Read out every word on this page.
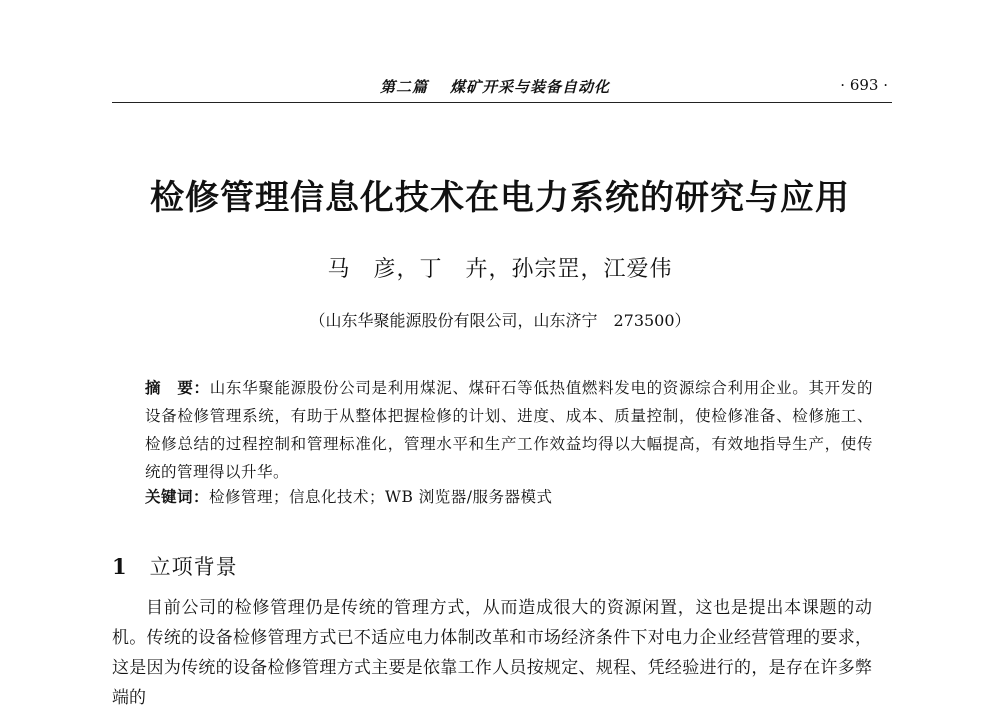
第二篇 煤矿开采与装备自动化	· 693 ·
检修管理信息化技术在电力系统的研究与应用
马　彦，丁　卉，孙宗罡，江爱伟
（山东华聚能源股份有限公司，山东济宁　273500）
摘　要：山东华聚能源股份公司是利用煤泥、煤矸石等低热值燃料发电的资源综合利用企业。其开发的设备检修管理系统，有助于从整体把握检修的计划、进度、成本、质量控制，使检修准备、检修施工、检修总结的过程控制和管理标准化，管理水平和生产工作效益均得以大幅提高，有效地指导生产，使传统的管理得以升华。
关键词：检修管理；信息化技术；WB 浏览器/服务器模式
1 立项背景
目前公司的检修管理仍是传统的管理方式，从而造成很大的资源闲置，这也是提出本课题的动机。传统的设备检修管理方式已不适应电力体制改革和市场经济条件下对电力企业经营管理的要求，这是因为传统的设备检修管理方式主要是依靠工作人员按规定、规程、凭经验进行的，是存在许多弊端的
